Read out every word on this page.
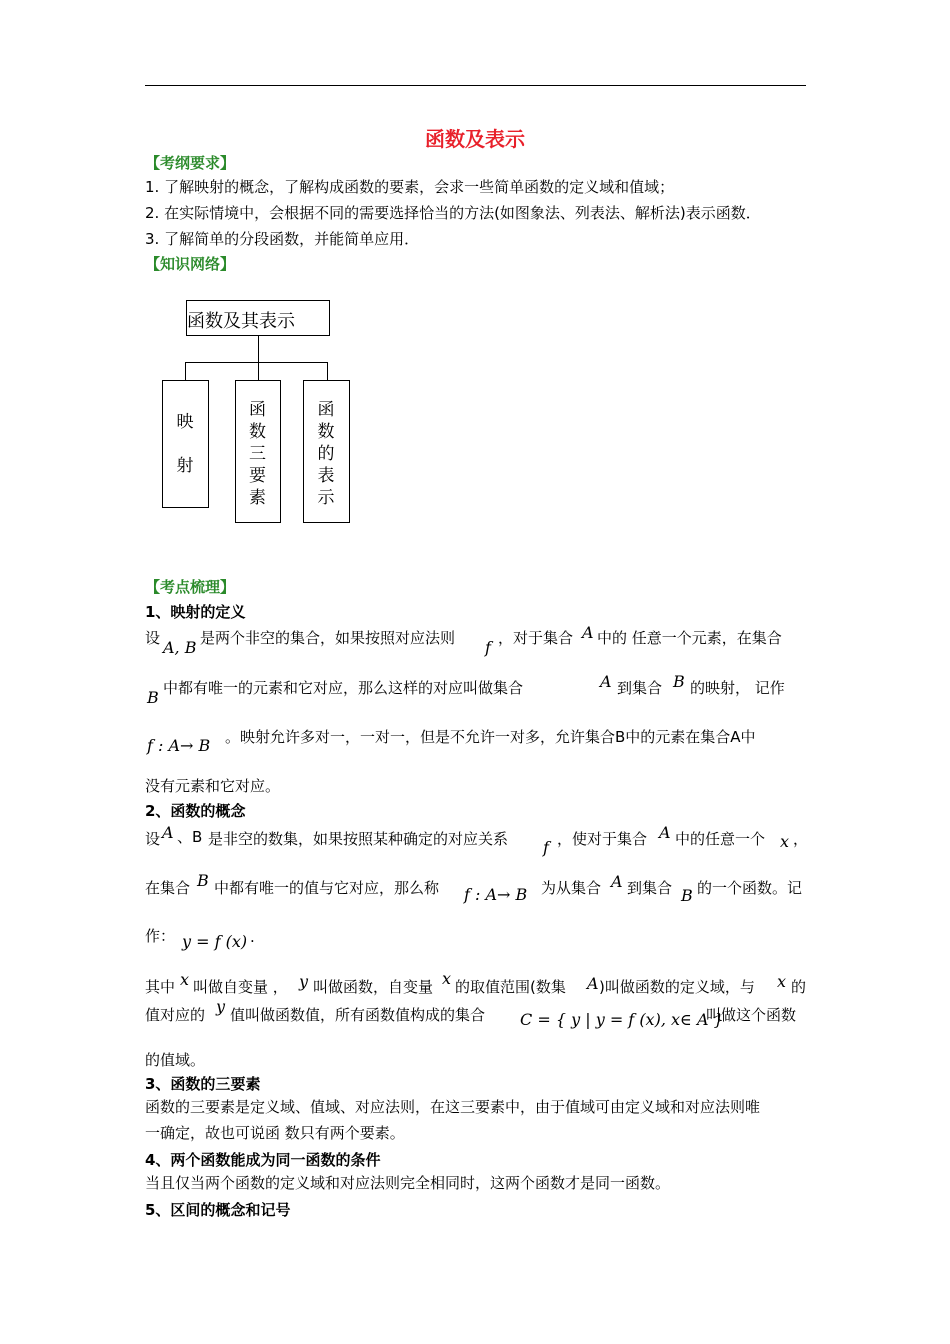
函数及表示
【考纲要求】
1. 了解映射的概念，了解构成函数的要素，会求一些简单函数的定义域和值域；
2. 在实际情境中，会根据不同的需要选择恰当的方法(如图象法、列表法、解析法)表示函数．
3. 了解简单的分段函数，并能简单应用．
【知识网络】
函数及其表示
映

射
函
数
三
要
素
函
数
的
表
示
【考点梳理】
1、映射的定义
设 A, B 是两个非空的集合，如果按照对应法则 f ，对于集合 A 中的 任意一个元素，在集合
B 中都有唯一的元素和它对应，那么这样的对应叫做集合	A 到集合 B 的映射， 记作
f : A→ B 。映射允许多对一，一对一，但是不允许一对多，允许集合B中的元素在集合A中
没有元素和它对应。
2、函数的概念
设 A 、B 是非空的数集，如果按照某种确定的对应关系 f ，使对于集合 A 中的任意一个 x ，
在集合 B 中都有唯一的值与它对应，那么称 f : A→ B 为从集合 A 到集合 B 的一个函数。记
作： y = f (x) .
其中 x 叫做自变量 ， y 叫做函数，自变量 x 的取值范围(数集 A )叫做函数的定义域，与 x 的
值对应的 y 值叫做函数值，所有函数值构成的集合 C = { y | y = f (x), x∈ A }
叫做这个函数
的值域。
3、函数的三要素
函数的三要素是定义域、值域、对应法则，在这三要素中，由于值域可由定义域和对应法则唯
一确定，故也可说函 数只有两个要素。
4、两个函数能成为同一函数的条件
当且仅当两个函数的定义域和对应法则完全相同时，这两个函数才是同一函数。
5、区间的概念和记号
